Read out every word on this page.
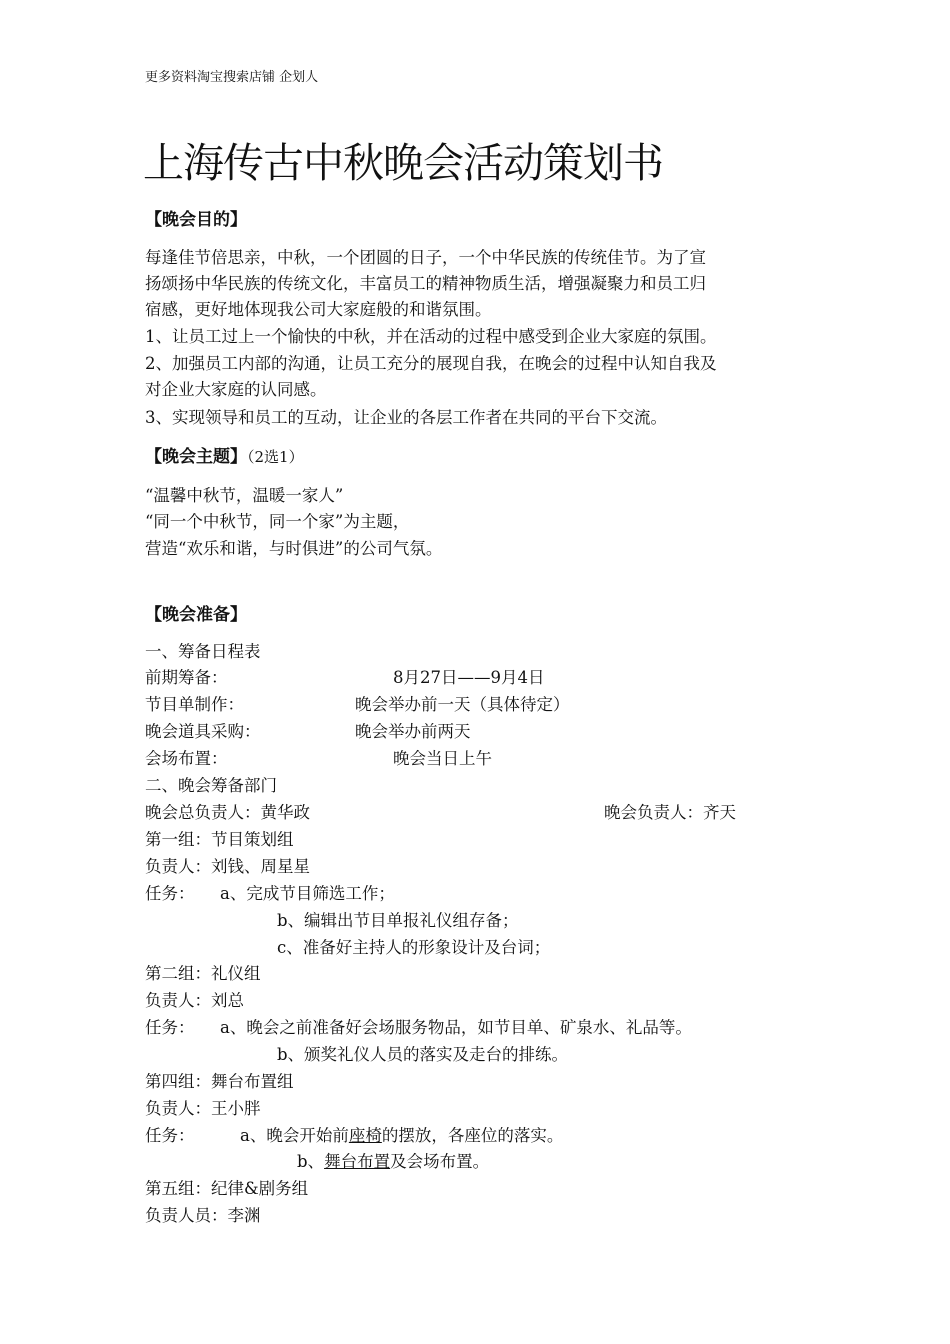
更多资料淘宝搜索店铺 企划人
上海传古中秋晚会活动策划书
【晚会目的】
每逢佳节倍思亲，中秋，一个团圆的日子，一个中华民族的传统佳节。为了宣
扬颂扬中华民族的传统文化，丰富员工的精神物质生活，增强凝聚力和员工归
宿感，更好地体现我公司大家庭般的和谐氛围。
1、让员工过上一个愉快的中秋，并在活动的过程中感受到企业大家庭的氛围。
2、加强员工内部的沟通，让员工充分的展现自我，在晚会的过程中认知自我及
对企业大家庭的认同感。
3、实现领导和员工的互动，让企业的各层工作者在共同的平台下交流。
【晚会主题】（2选1）
“温馨中秋节，温暖一家人”
“同一个中秋节，同一个家”为主题，
营造“欢乐和谐，与时俱进”的公司气氛。
【晚会准备】
一、筹备日程表
前期筹备：	8月27日——9月4日
节目单制作：	晚会举办前一天（具体待定）
晚会道具采购：	晚会举办前两天
会场布置：	晚会当日上午
二、晚会筹备部门
晚会总负责人：黄华政	晚会负责人：齐天
第一组：节目策划组
负责人：刘钱、周星星
任务： a、完成节目筛选工作；
b、编辑出节目单报礼仪组存备；
c、准备好主持人的形象设计及台词；
第二组：礼仪组
负责人：刘总
任务： a、晚会之前准备好会场服务物品，如节目单、矿泉水、礼品等。
b、颁奖礼仪人员的落实及走台的排练。
第四组：舞台布置组
负责人：王小胖
任务：	a、晚会开始前座椅的摆放，各座位的落实。
b、舞台布置及会场布置。
第五组：纪律&剧务组
负责人员：李渊
